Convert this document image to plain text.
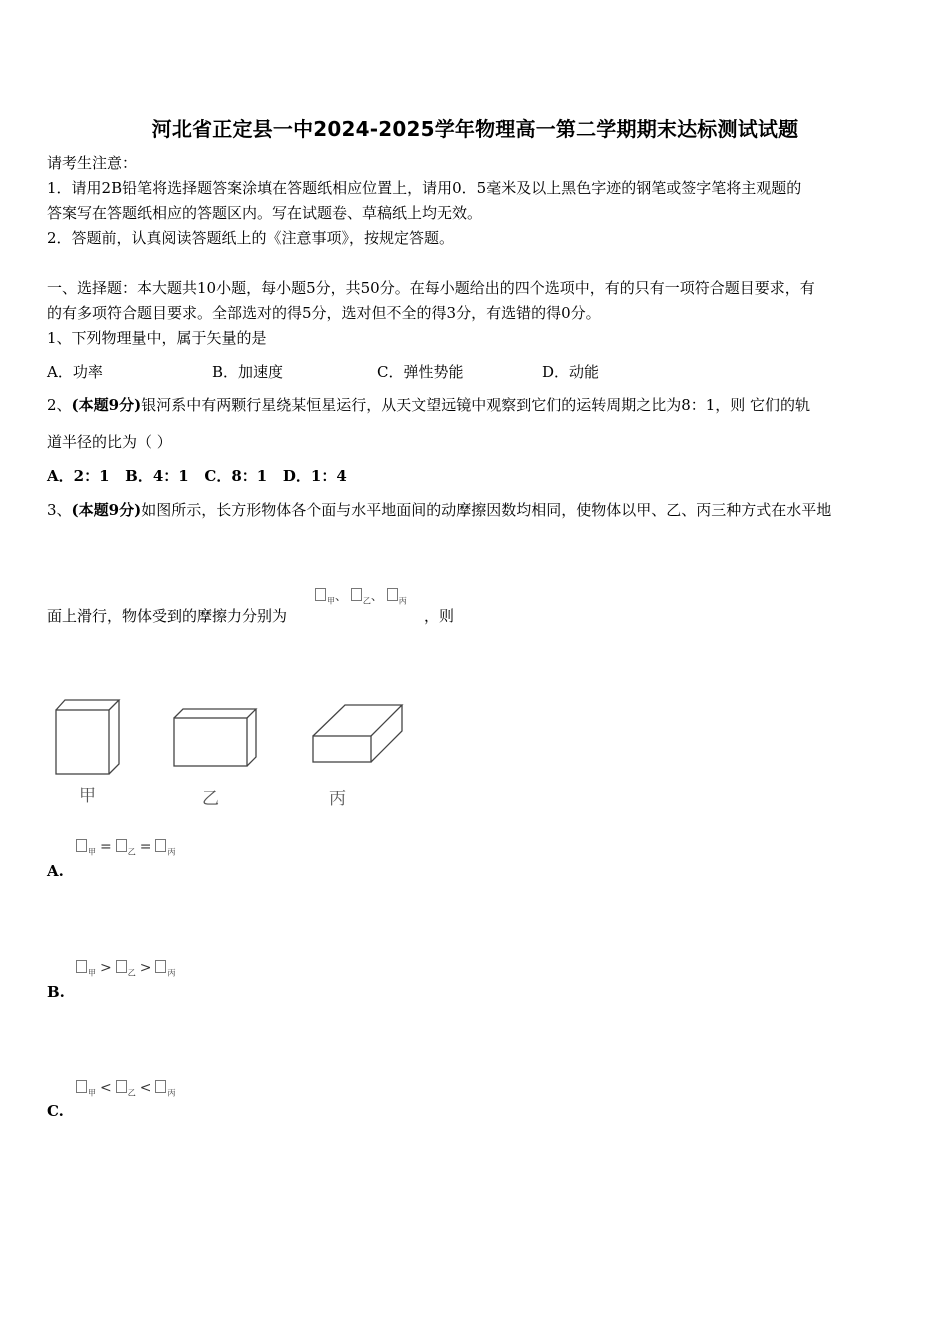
河北省正定县一中2024-2025学年物理高一第二学期期末达标测试试题
请考生注意：
1．请用2B铅笔将选择题答案涂填在答题纸相应位置上，请用0．5毫米及以上黑色字迹的钢笔或签字笔将主观题的
答案写在答题纸相应的答题区内。写在试题卷、草稿纸上均无效。
2．答题前，认真阅读答题纸上的《注意事项》，按规定答题。
一、选择题：本大题共10小题，每小题5分，共50分。在每小题给出的四个选项中，有的只有一项符合题目要求，有
的有多项符合题目要求。全部选对的得5分，选对但不全的得3分，有选错的得0分。
1、下列物理量中，属于矢量的是
A．功率	B．加速度	C．弹性势能	D．动能
2、(本题9分)银河系中有两颗行星绕某恒星运行，从天文望远镜中观察到它们的运转周期之比为8：1，则 它们的轨
道半径的比为（ ）
A．2：1   B．4：1   C．8：1   D．1：4
3、(本题9分)如图所示，长方形物体各个面与水平地面间的动摩擦因数均相同，使物体以甲、乙、丙三种方式在水平地
$_甲$、 $_乙$、 $_丙$
面上滑行，物体受到的摩擦力分别为	，则
甲	乙	丙
$_甲$ = $_乙$ = $_丙$
A.
$_甲$ > $_乙$ > $_丙$
B.
$_甲$ < $_乙$ < $_丙$
C.
